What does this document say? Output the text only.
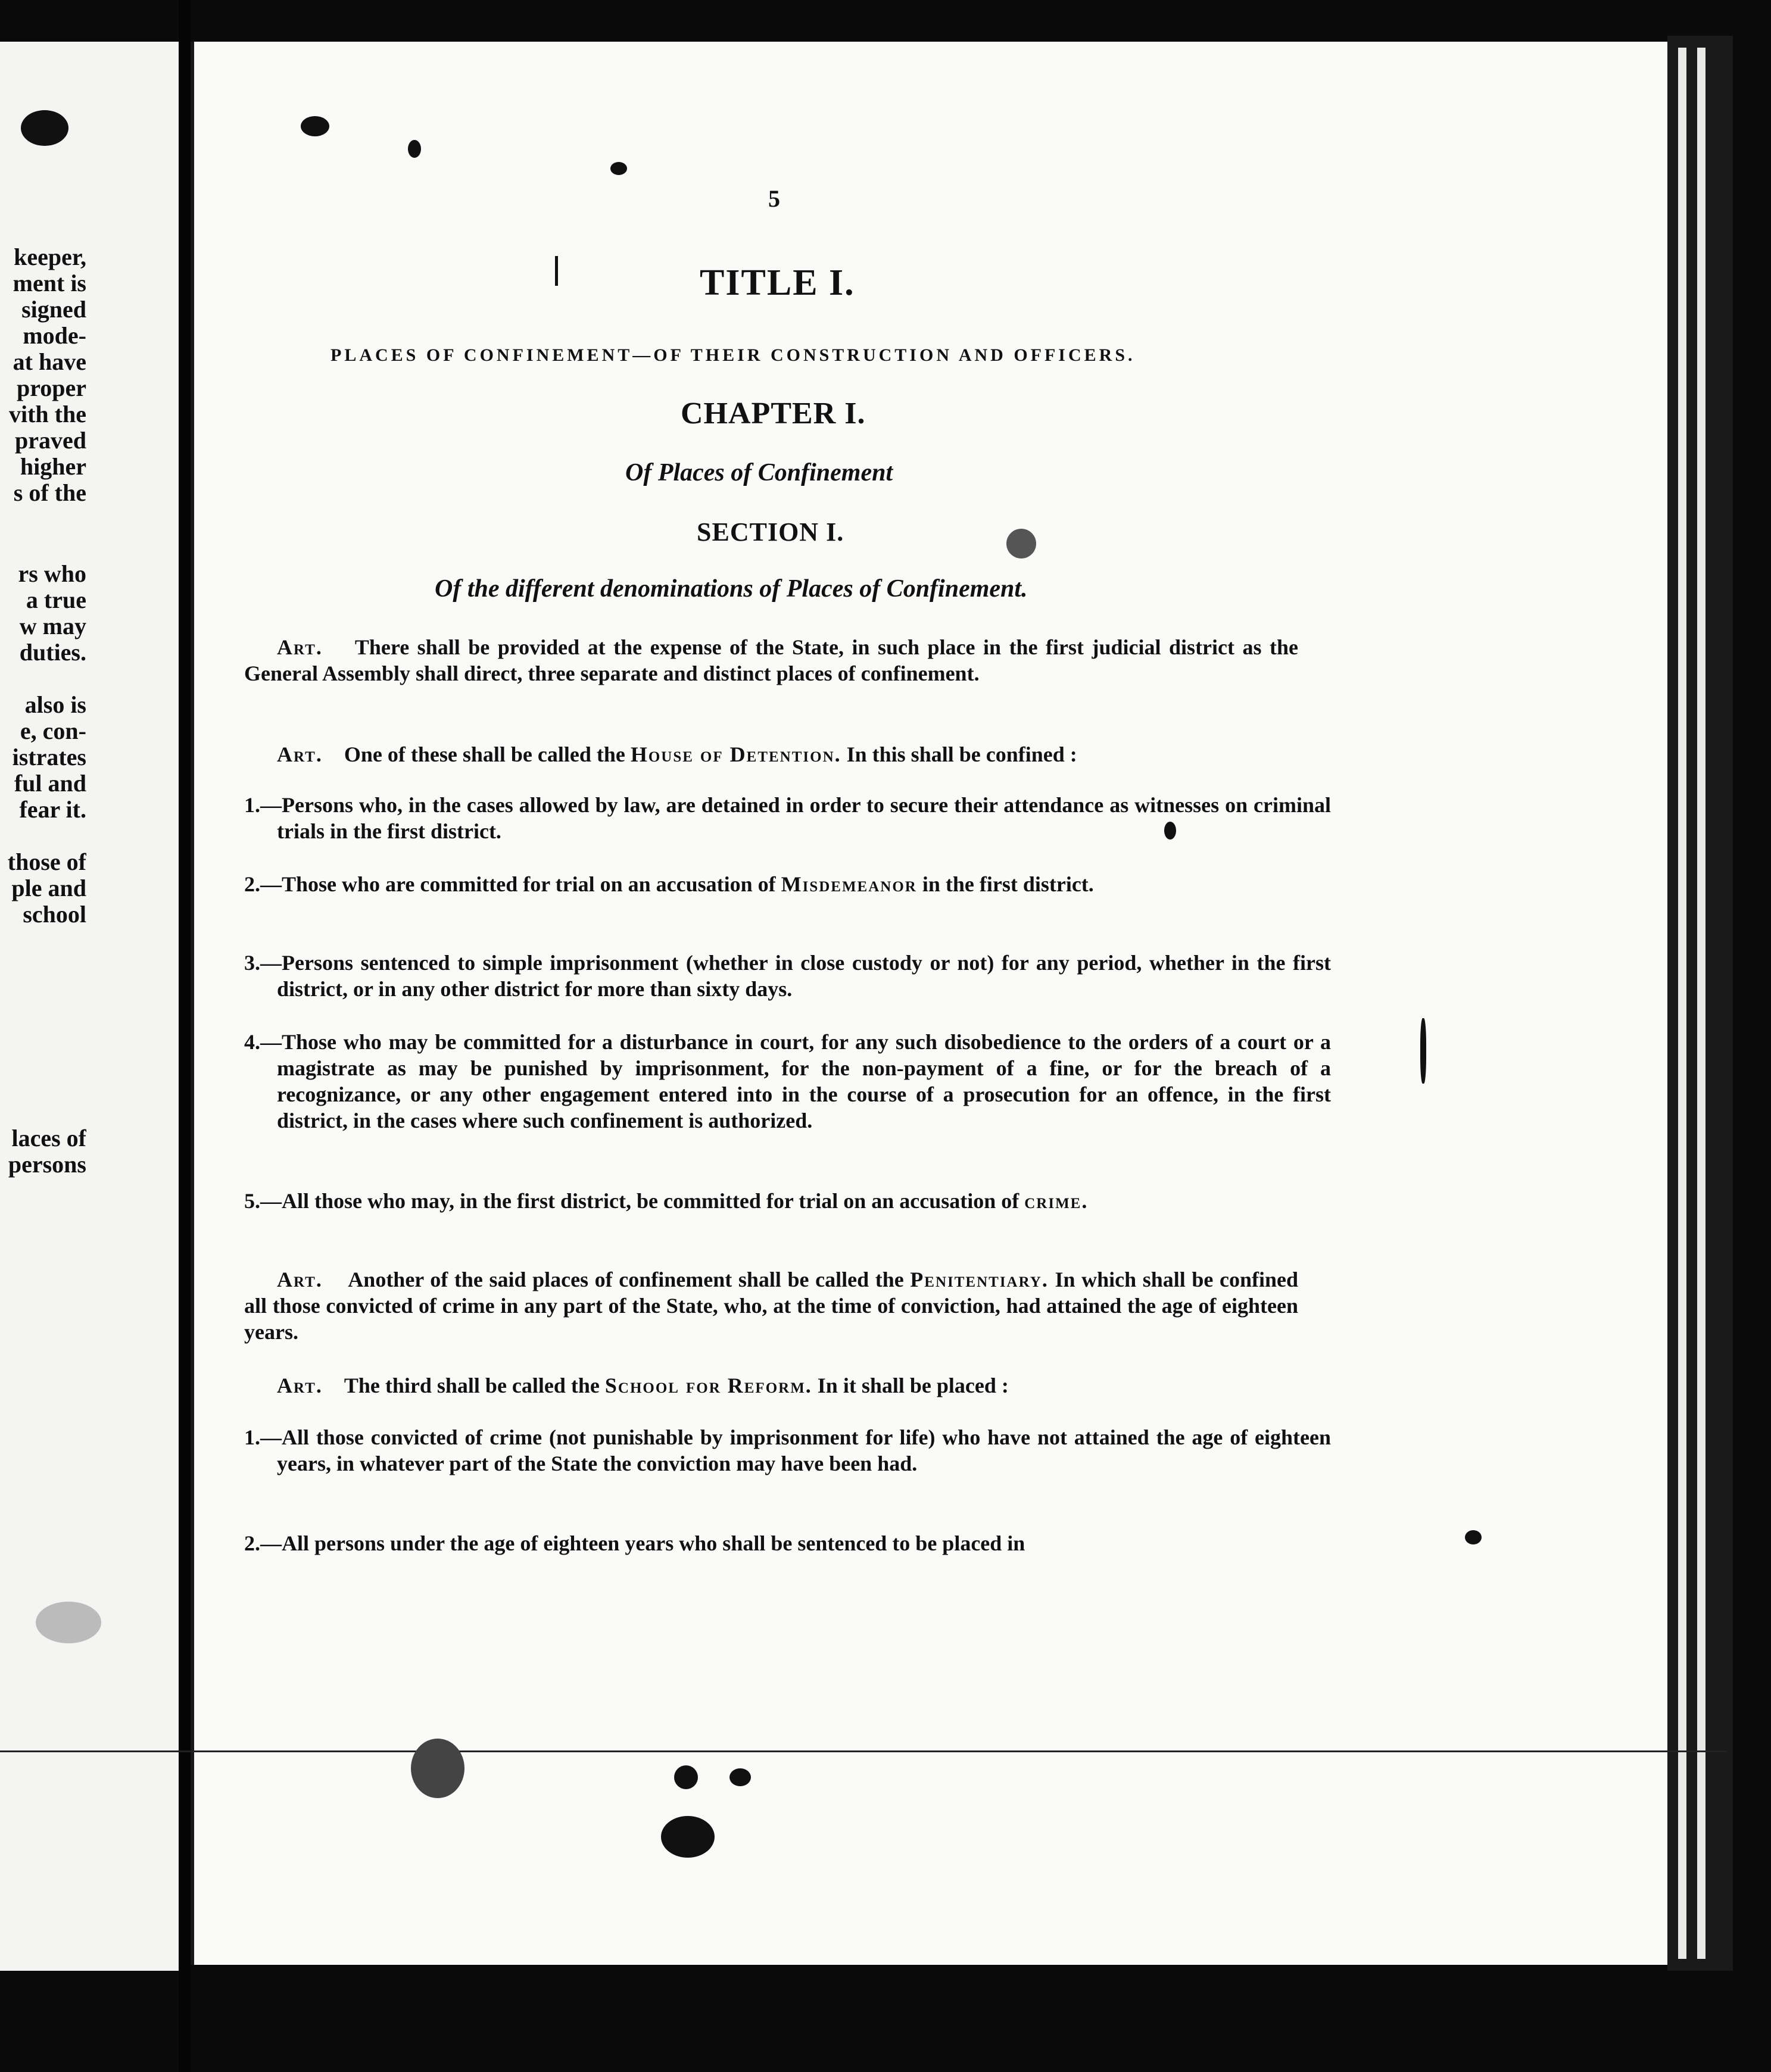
keeper,
ment is
signed
mode-
at have
proper
vith the
praved
higher
s of the
rs who
a true
w may
duties.
also is
e, con-
istrates
ful and
fear it.
those of
ple and
school
laces of
persons
5
TITLE I.
PLACES OF CONFINEMENT—OF THEIR CONSTRUCTION AND OFFICERS.
CHAPTER I.
Of Places of Confinement
SECTION I.
Of the different denominations of Places of Confinement.
Art. There shall be provided at the expense of the State, in such place in the first judicial district as the General Assembly shall direct, three separate and distinct places of confinement.
Art. One of these shall be called the House of Detention. In this shall be confined :
1.—Persons who, in the cases allowed by law, are detained in order to secure their attendance as witnesses on criminal trials in the first district.
2.—Those who are committed for trial on an accusation of Misdemeanor in the first district.
3.—Persons sentenced to simple imprisonment (whether in close custody or not) for any period, whether in the first district, or in any other district for more than sixty days.
4.—Those who may be committed for a disturbance in court, for any such disobedience to the orders of a court or a magistrate as may be punished by imprisonment, for the non-payment of a fine, or for the breach of a recognizance, or any other engagement entered into in the course of a prosecution for an offence, in the first district, in the cases where such confinement is authorized.
5.—All those who may, in the first district, be committed for trial on an accusation of crime.
Art. Another of the said places of confinement shall be called the Penitentiary. In which shall be confined all those convicted of crime in any part of the State, who, at the time of conviction, had attained the age of eighteen years.
Art. The third shall be called the School for Reform. In it shall be placed :
1.—All those convicted of crime (not punishable by imprisonment for life) who have not attained the age of eighteen years, in whatever part of the State the conviction may have been had.
2.—All persons under the age of eighteen years who shall be sentenced to be placed in
